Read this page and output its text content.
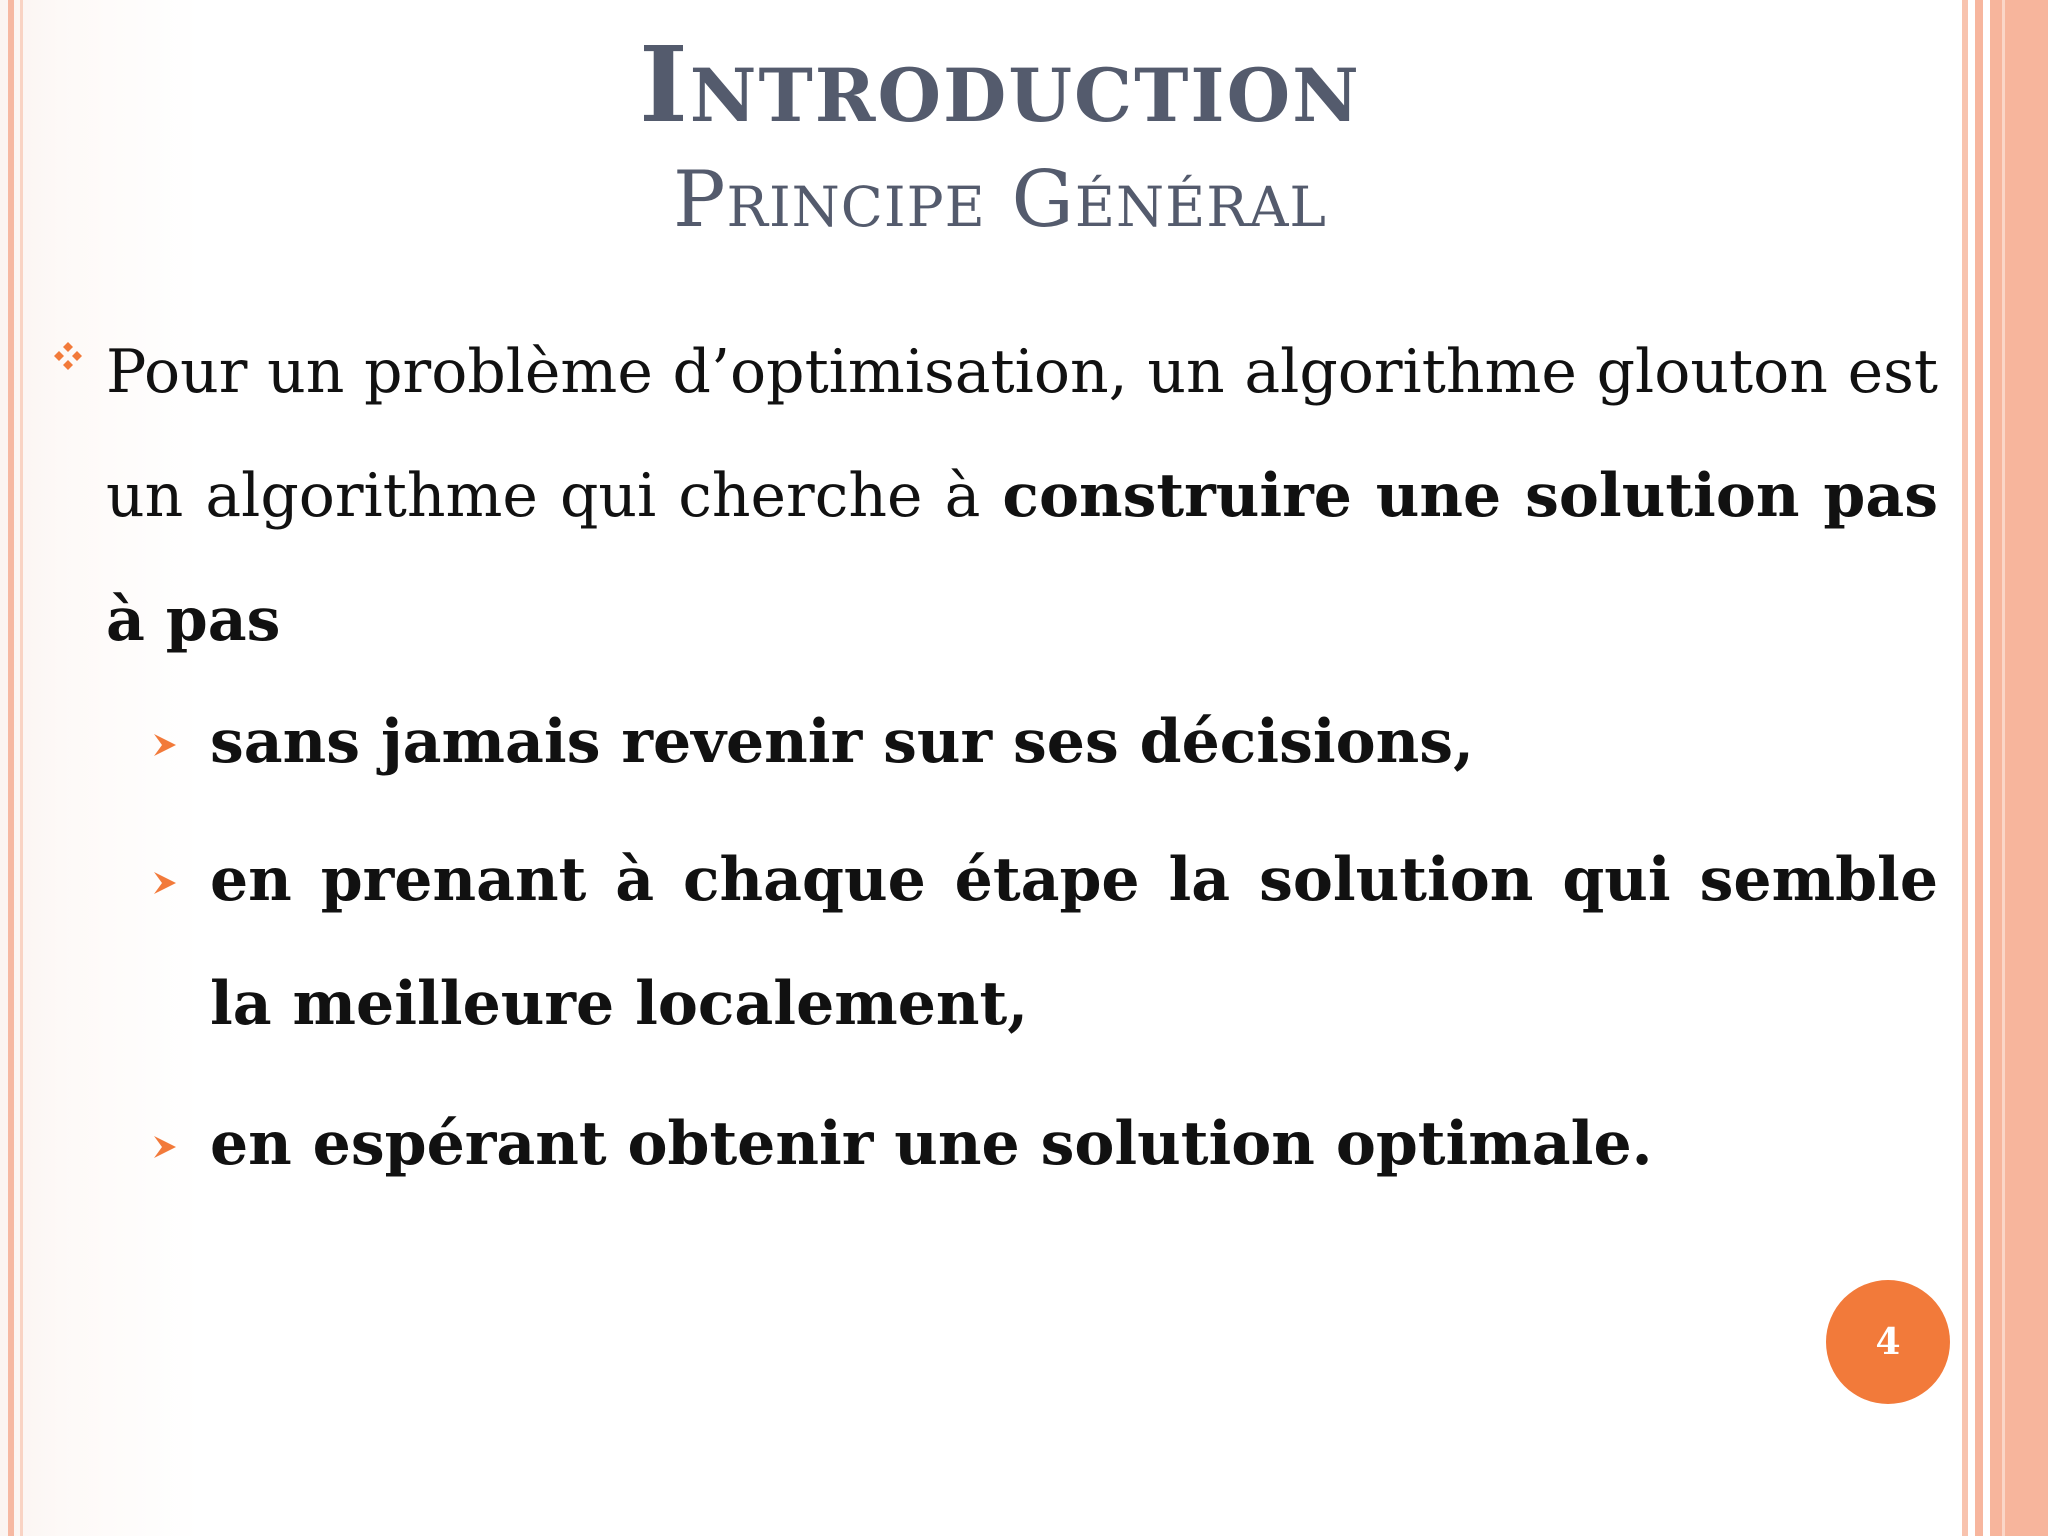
Introduction
Principe Général

Pour un problème d’optimisation, un algorithme glouton est un algorithme qui cherche à construire une solution pas à pas

sans jamais revenir sur ses décisions,

en prenant à chaque étape la solution qui semble la meilleure localement,

en espérant obtenir une solution optimale.

4
